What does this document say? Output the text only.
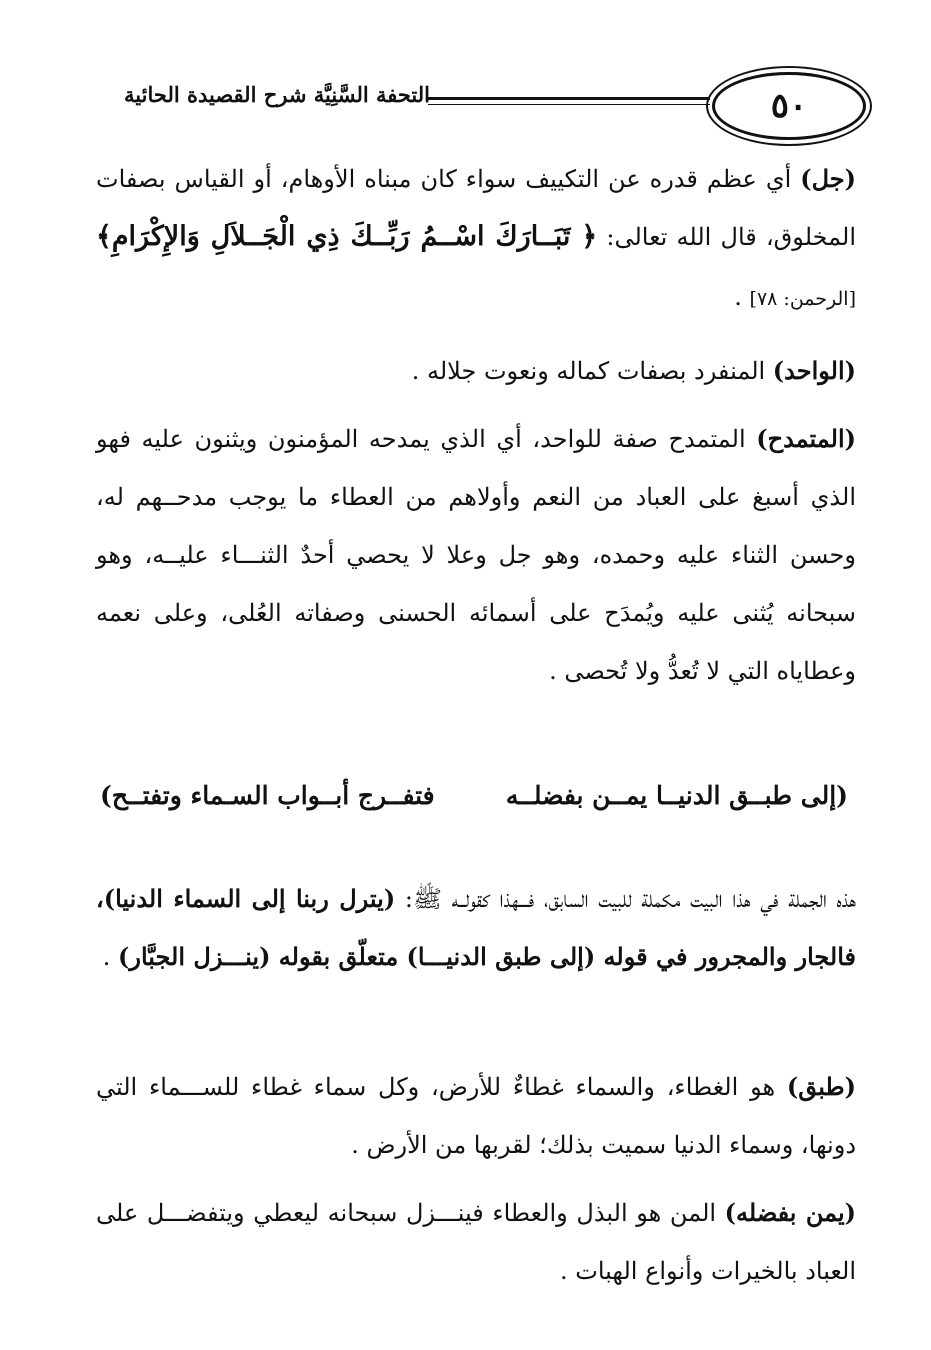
٥٠
التحفة السَّنِيَّة شرح القصيدة الحائية

(جل) أي عظم قدره عن التكييف سواء كان مبناه الأوهام، أو القياس بصفات المخلوق، قال الله تعالى: ﴿ تَبَــارَكَ اسْــمُ رَبِّــكَ ذِي الْجَــلاَلِ وَالإِكْرَامِ﴾ [الرحمن: ٧٨] .

(الواحد) المنفرد بصفات كماله ونعوت جلاله .

(المتمدح) المتمدح صفة للواحد، أي الذي يمدحه المؤمنون ويثنون عليه فهو الذي أسبغ على العباد من النعم وأولاهم من العطاء ما يوجب مدحــهم له، وحسن الثناء عليه وحمده، وهو جل وعلا لا يحصي أحدٌ الثنـــاء عليــه، وهو سبحانه يُثنى عليه ويُمدَح على أسمائه الحسنى وصفاته العُلى، وعلى نعمه وعطاياه التي لا تُعدُّ ولا تُحصى .

(إلى طبــق الدنيــا يمــن بفضلــه
فتفــرج أبــواب السـماء وتفتــح)

هذه الجملة في هذا البيت مكملة للبيت السابق، فـــهذا كقولــه ﷺ: (يترل ربنا إلى السماء الدنيا)، فالجار والمجرور في قوله (إلى طبق الدنيـــا) متعلّق بقوله (ينـــزل الجبَّار) .

(طبق) هو الغطاء، والسماء غطاءٌ للأرض، وكل سماء غطاء للســـماء التي دونها، وسماء الدنيا سميت بذلك؛ لقربها من الأرض .

(يمن بفضله) المن هو البذل والعطاء فينـــزل سبحانه ليعطي ويتفضـــل على العباد بالخيرات وأنواع الهبات .
